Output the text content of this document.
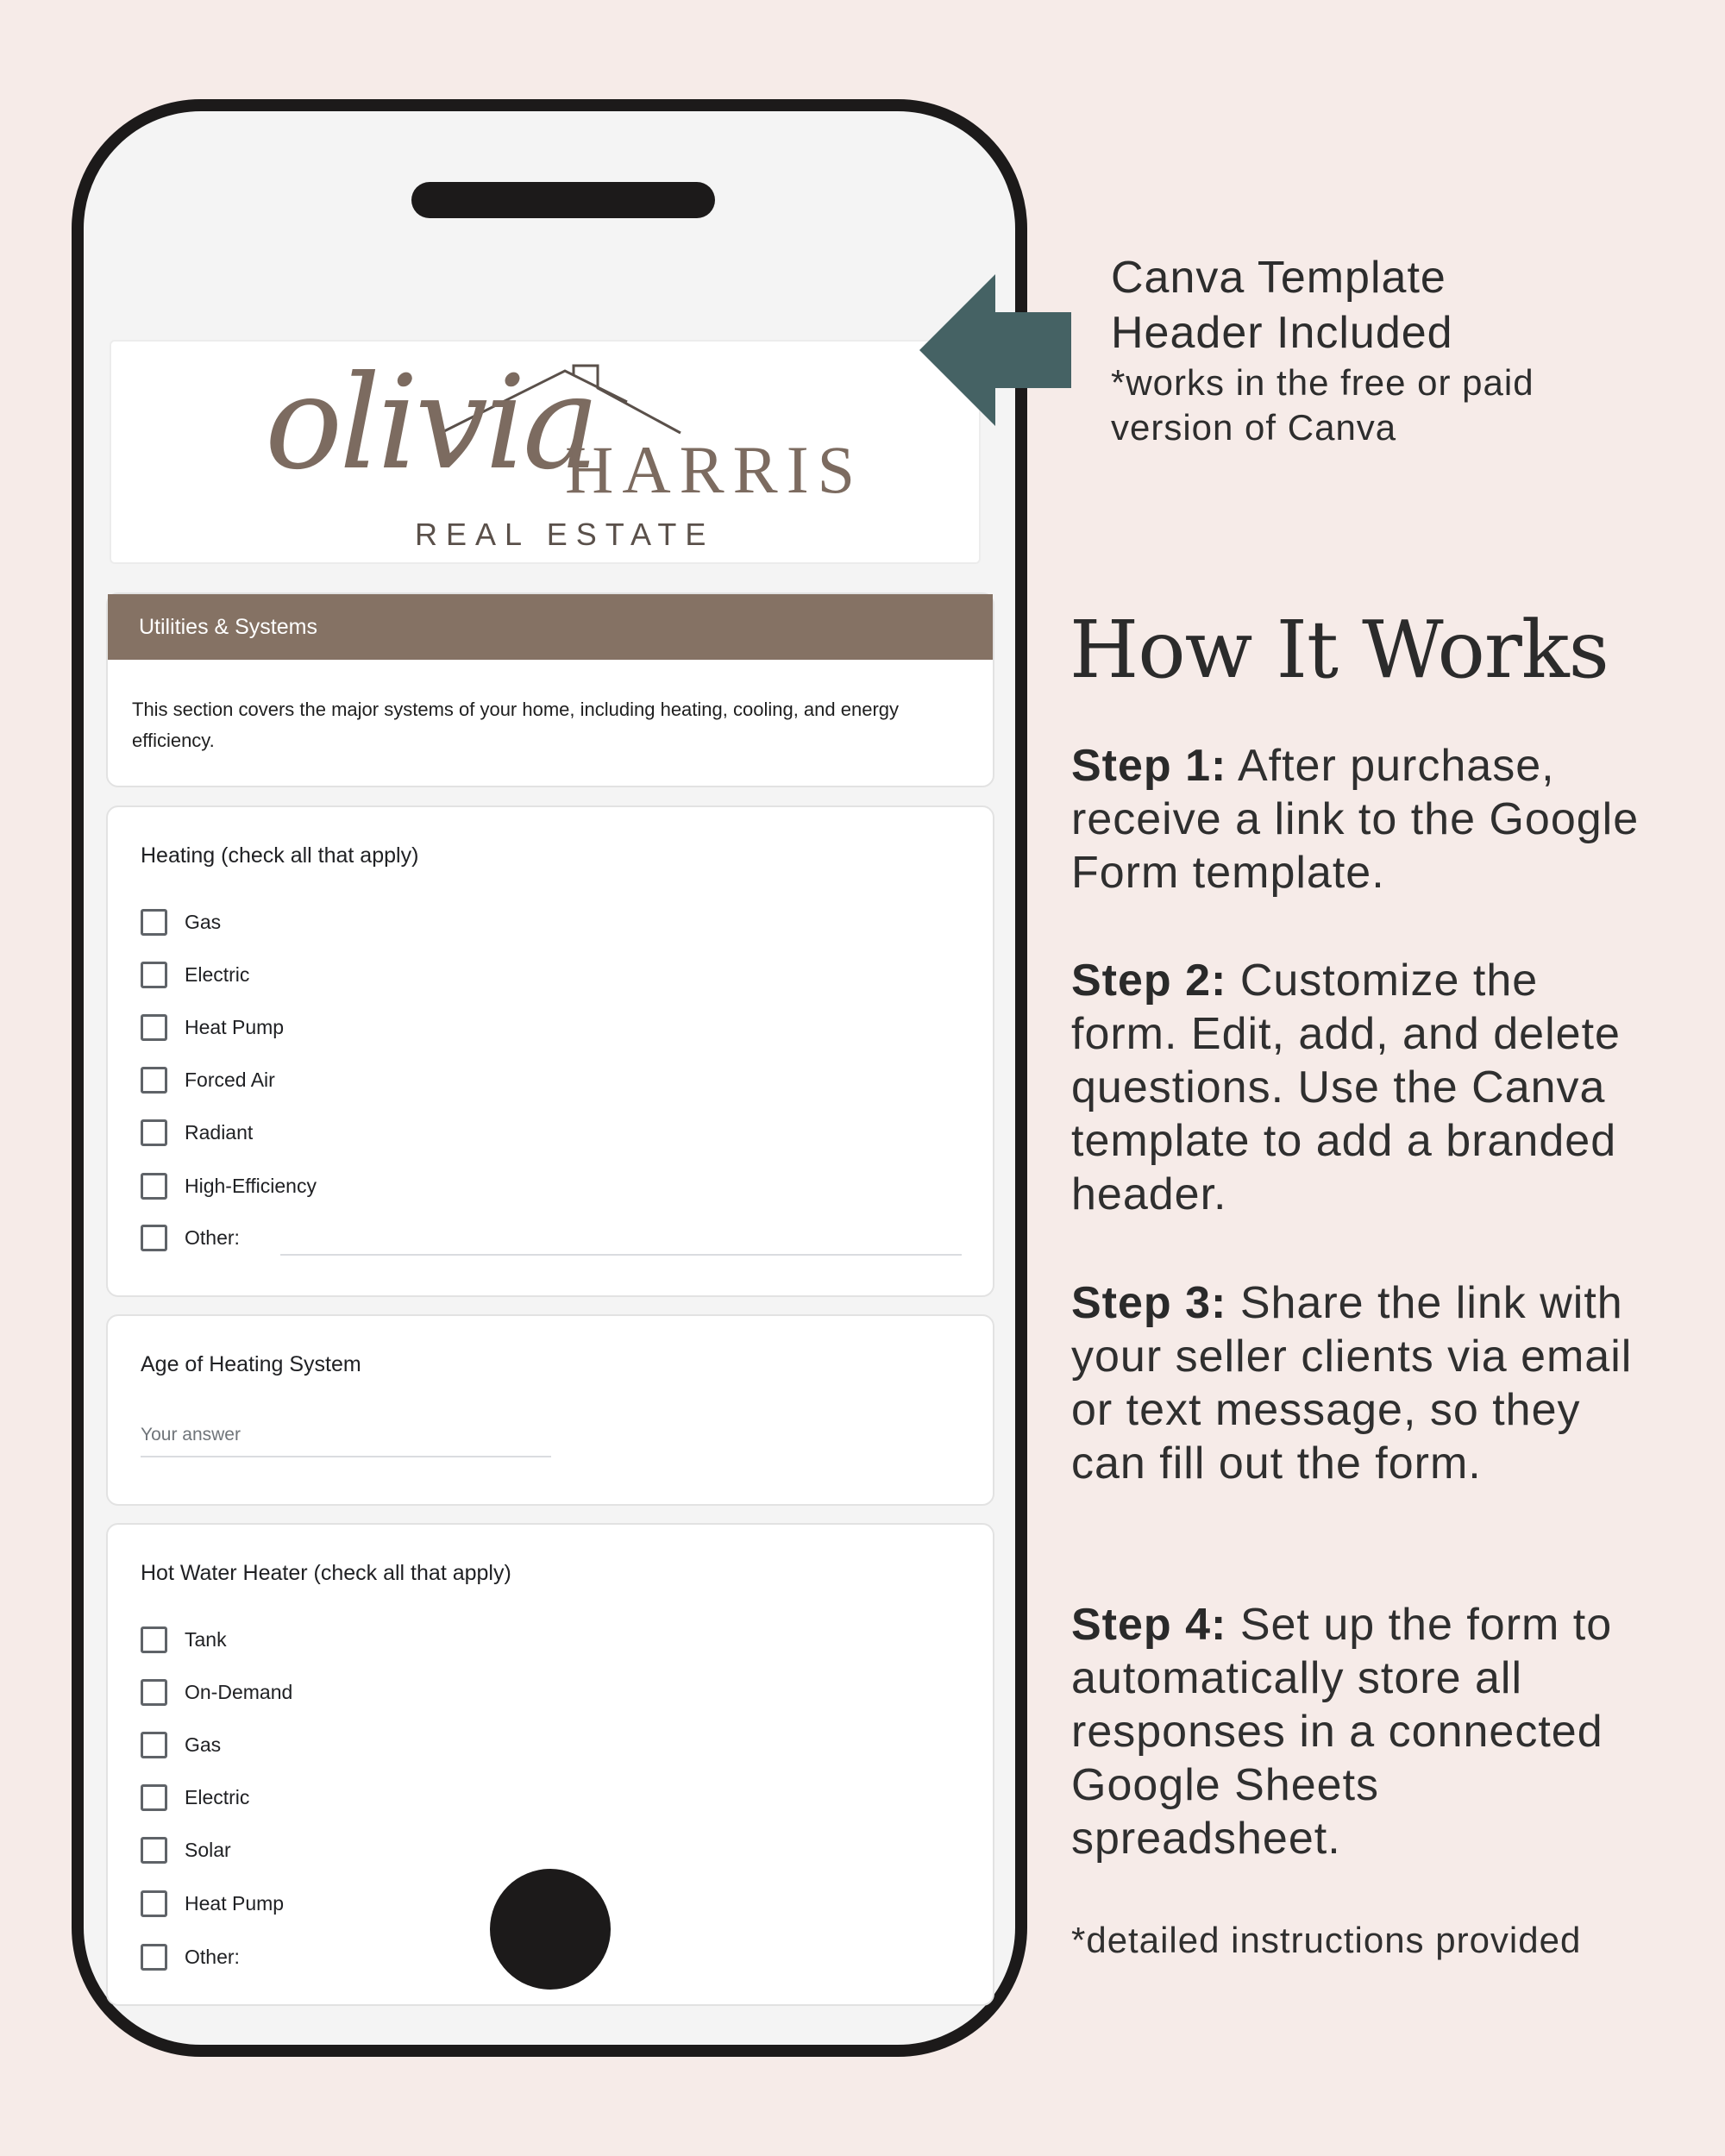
olivia
HARRIS
REAL ESTATE
Utilities & Systems
This section covers the major systems of your home, including heating, cooling, and energy efficiency.
Heating (check all that apply)
Gas
Electric
Heat Pump
Forced Air
Radiant
High-Efficiency
Other:
Age of Heating System
Your answer
Hot Water Heater (check all that apply)
Tank
On-Demand
Gas
Electric
Solar
Heat Pump
Other:
Canva Template
Header Included
*works in the free or paid version of Canva
How It Works
Step 1: After purchase, receive a link to the Google Form template.
Step 2: Customize the form. Edit, add, and delete questions. Use the Canva template to add a branded header.
Step 3: Share the link with your seller clients via email or text message, so they can fill out the form.
Step 4: Set up the form to automatically store all responses in a connected Google Sheets spreadsheet.
*detailed instructions provided
